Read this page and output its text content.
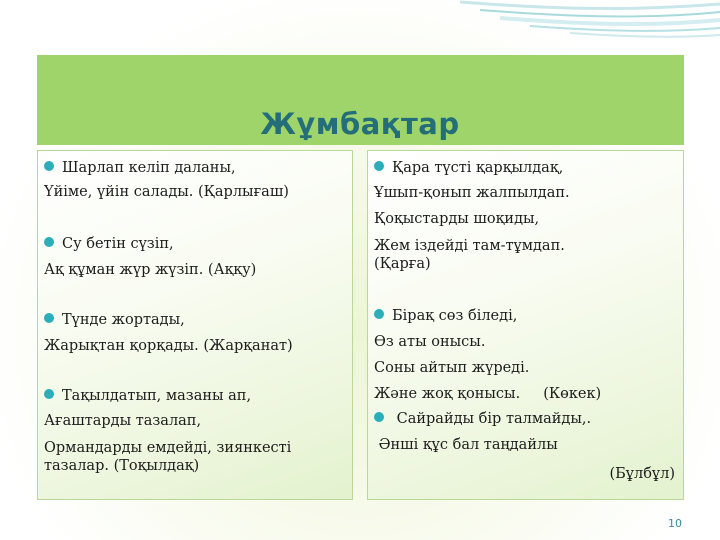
Жұмбақтар
Шарлап келіп даланы,
Үйіме, үйін салады. (Қарлығаш)
Су бетін сүзіп,
Ақ құман жүр жүзіп. (Аққу)
Түнде жортады,
Жарықтан қорқады. (Жарқанат)
Тақылдатып, мазаны ап,
Ағаштарды тазалап,
Ормандарды емдейді, зиянкесті
тазалар. (Тоқылдақ)
Қара түсті қарқылдақ,
Ұшып-қонып жалпылдап.
Қоқыстарды шоқиды,
Жем іздейді там-тұмдап.
(Қарға)
Бірақ сөз біледі,
Өз аты онысы.
Соны айтып жүреді.
Және жоқ қонысы.     (Көкек)
Сайрайды бір талмайды,.
Әнші құс бал таңдайлы
(Бұлбұл)
10
